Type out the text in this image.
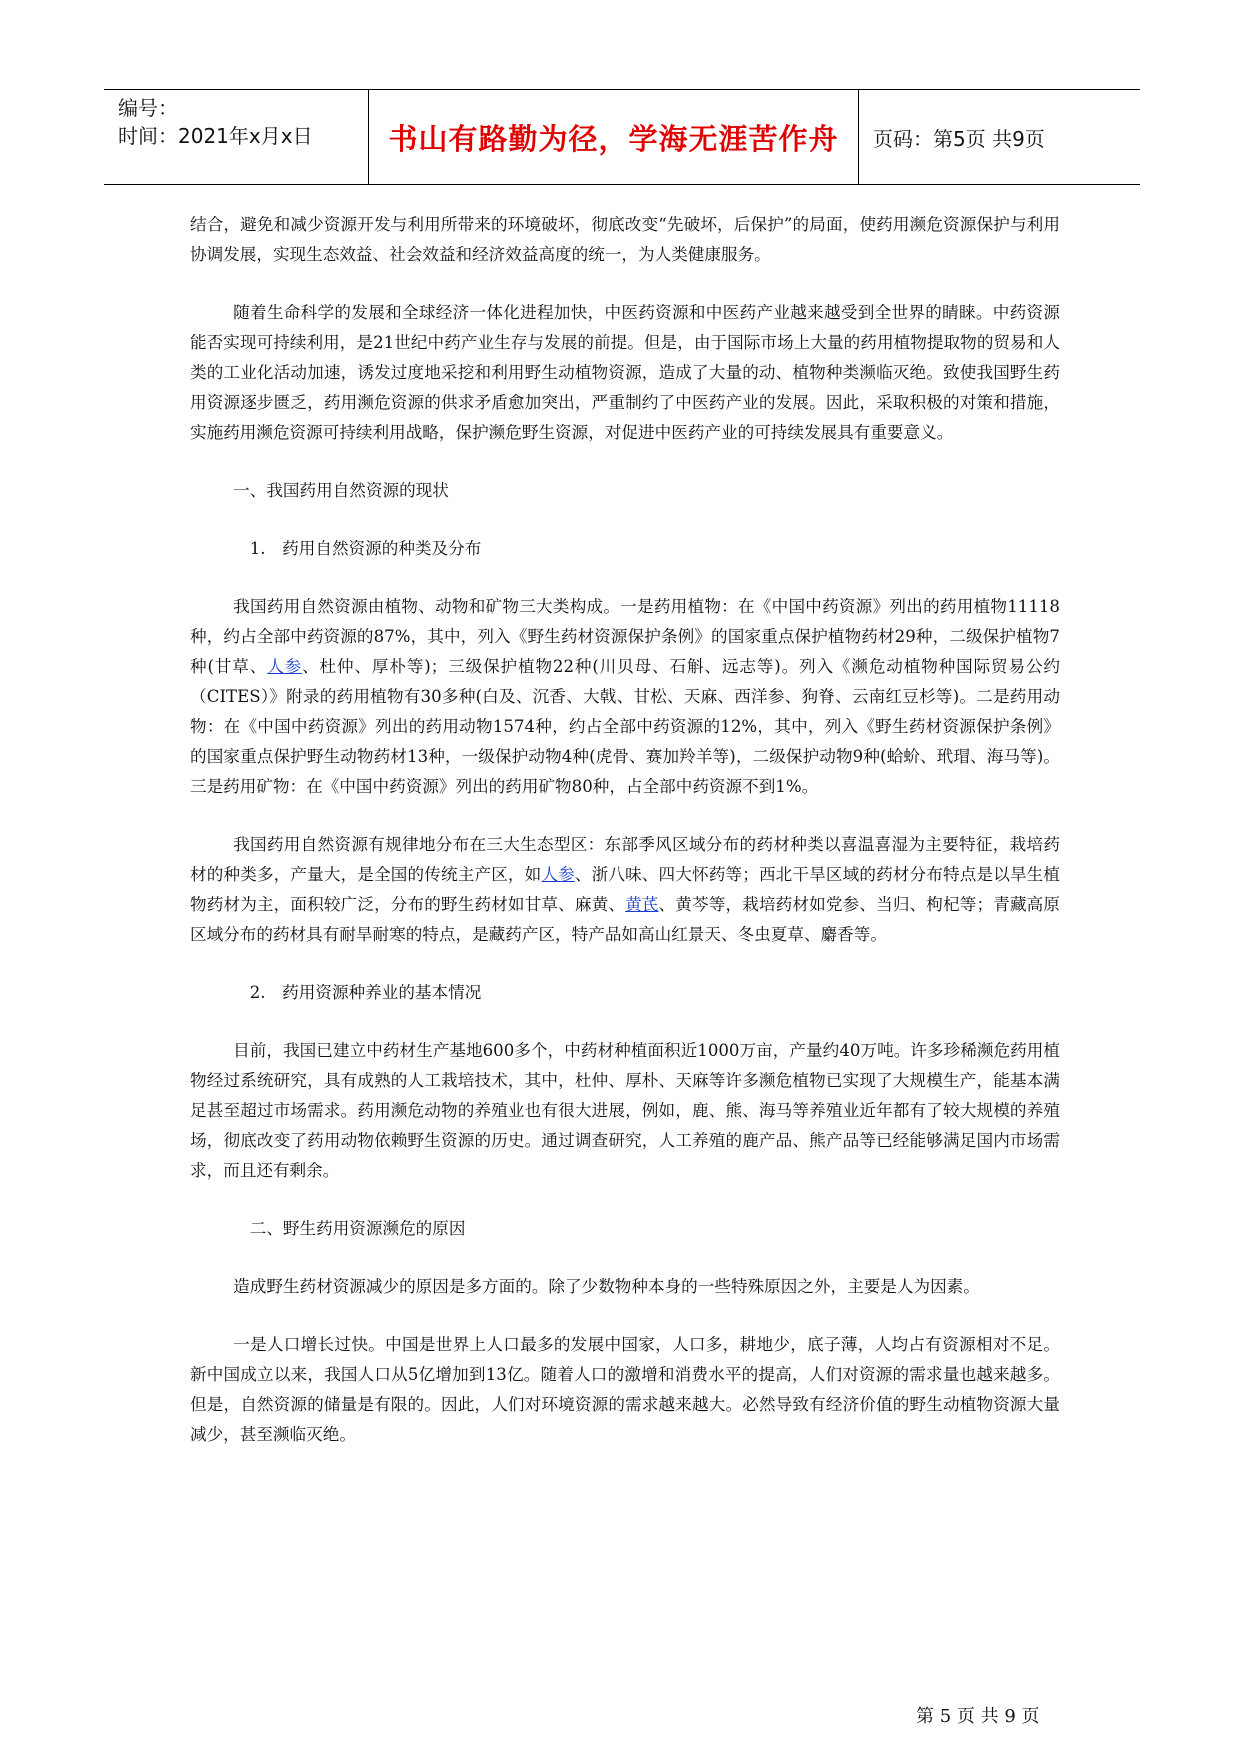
编号：
时间：2021年x月x日	书山有路勤为径，学海无涯苦作舟 页码：第5页 共9页

结合，避免和减少资源开发与利用所带来的环境破坏，彻底改变“先破坏，后保护”的局面，使药用濒危资源保护与利用协调发展，实现生态效益、社会效益和经济效益高度的统一，为人类健康服务。

随着生命科学的发展和全球经济一体化进程加快，中医药资源和中医药产业越来越受到全世界的睛睐。中药资源能否实现可持续利用，是21世纪中药产业生存与发展的前提。但是，由于国际市场上大量的药用植物提取物的贸易和人类的工业化活动加速，诱发过度地采挖和利用野生动植物资源，造成了大量的动、植物种类濒临灭绝。致使我国野生药用资源逐步匮乏，药用濒危资源的供求矛盾愈加突出，严重制约了中医药产业的发展。因此，采取积极的对策和措施，实施药用濒危资源可持续利用战略，保护濒危野生资源，对促进中医药产业的可持续发展具有重要意义。

一、我国药用自然资源的现状

1.　药用自然资源的种类及分布

我国药用自然资源由植物、动物和矿物三大类构成。一是药用植物：在《中国中药资源》列出的药用植物11118种，约占全部中药资源的87%，其中，列入《野生药材资源保护条例》的国家重点保护植物药材29种，二级保护植物7种(甘草、人参、杜仲、厚朴等)；三级保护植物22种(川贝母、石斛、远志等)。列入《濒危动植物种国际贸易公约（CITES）》附录的药用植物有30多种(白及、沉香、大戟、甘松、天麻、西洋参、狗脊、云南红豆杉等)。二是药用动物：在《中国中药资源》列出的药用动物1574种，约占全部中药资源的12%，其中，列入《野生药材资源保护条例》的国家重点保护野生动物药材13种，一级保护动物4种(虎骨、赛加羚羊等)，二级保护动物9种(蛤蚧、玳瑁、海马等)。三是药用矿物：在《中国中药资源》列出的药用矿物80种，占全部中药资源不到1%。

我国药用自然资源有规律地分布在三大生态型区：东部季风区域分布的药材种类以喜温喜湿为主要特征，栽培药材的种类多，产量大，是全国的传统主产区，如人参、浙八味、四大怀药等；西北干旱区域的药材分布特点是以旱生植物药材为主，面积较广泛，分布的野生药材如甘草、麻黄、黄芪、黄芩等，栽培药材如党参、当归、枸杞等；青藏高原区域分布的药材具有耐旱耐寒的特点，是藏药产区，特产品如高山红景天、冬虫夏草、麝香等。

2.　药用资源种养业的基本情况

目前，我国已建立中药材生产基地600多个，中药材种植面积近1000万亩，产量约40万吨。许多珍稀濒危药用植物经过系统研究，具有成熟的人工栽培技术，其中，杜仲、厚朴、天麻等许多濒危植物已实现了大规模生产，能基本满足甚至超过市场需求。药用濒危动物的养殖业也有很大进展，例如，鹿、熊、海马等养殖业近年都有了较大规模的养殖场，彻底改变了药用动物依赖野生资源的历史。通过调查研究，人工养殖的鹿产品、熊产品等已经能够满足国内市场需求，而且还有剩余。

二、野生药用资源濒危的原因

造成野生药材资源减少的原因是多方面的。除了少数物种本身的一些特殊原因之外，主要是人为因素。

一是人口增长过快。中国是世界上人口最多的发展中国家，人口多，耕地少，底子薄，人均占有资源相对不足。新中国成立以来，我国人口从5亿增加到13亿。随着人口的激增和消费水平的提高，人们对资源的需求量也越来越多。但是，自然资源的储量是有限的。因此，人们对环境资源的需求越来越大。必然导致有经济价值的野生动植物资源大量减少，甚至濒临灭绝。

第 5 页 共 9 页
